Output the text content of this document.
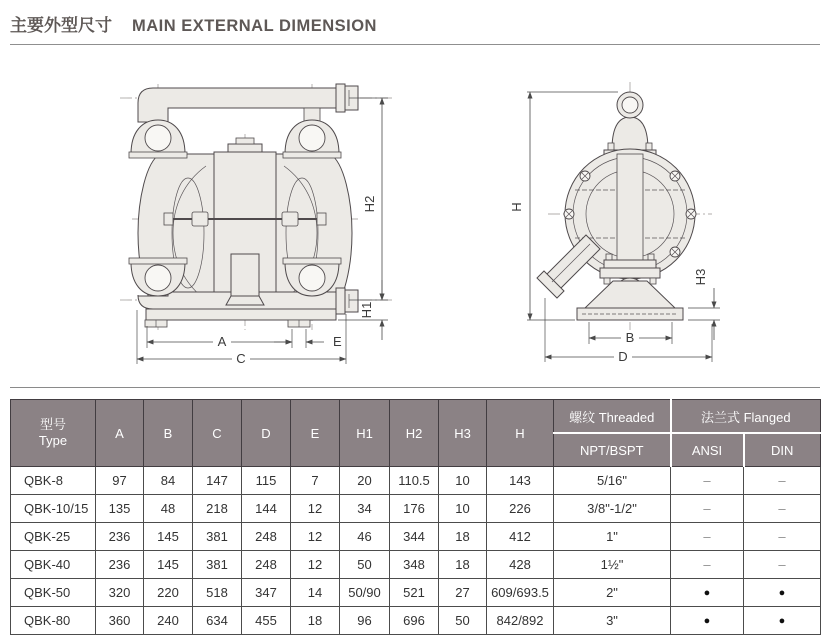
主要外型尺寸 MAIN EXTERNAL DIMENSION
H2
H1
A	E
C
H
H3
B
D
型号
Type	A	B	C	D	E	H1	H2	H3	H	螺纹 Threaded	法兰式 Flanged	
										NPT/BSPT	ANSI	DIN
QBK-8	97	84	147	115	7	20	110.5	10	143	5/16"	–	–
QBK-10/15	135	48	218	144	12	34	176	10	226	3/8"-1/2"	–	–
QBK-25	236	145	381	248	12	46	344	18	412	1"	–	–
QBK-40	236	145	381	248	12	50	348	18	428	1½"	–	–
QBK-50	320	220	518	347	14	50/90	521	27	609/693.5	2"	●	●
QBK-80	360	240	634	455	18	96	696	50	842/892	3"	●	●
